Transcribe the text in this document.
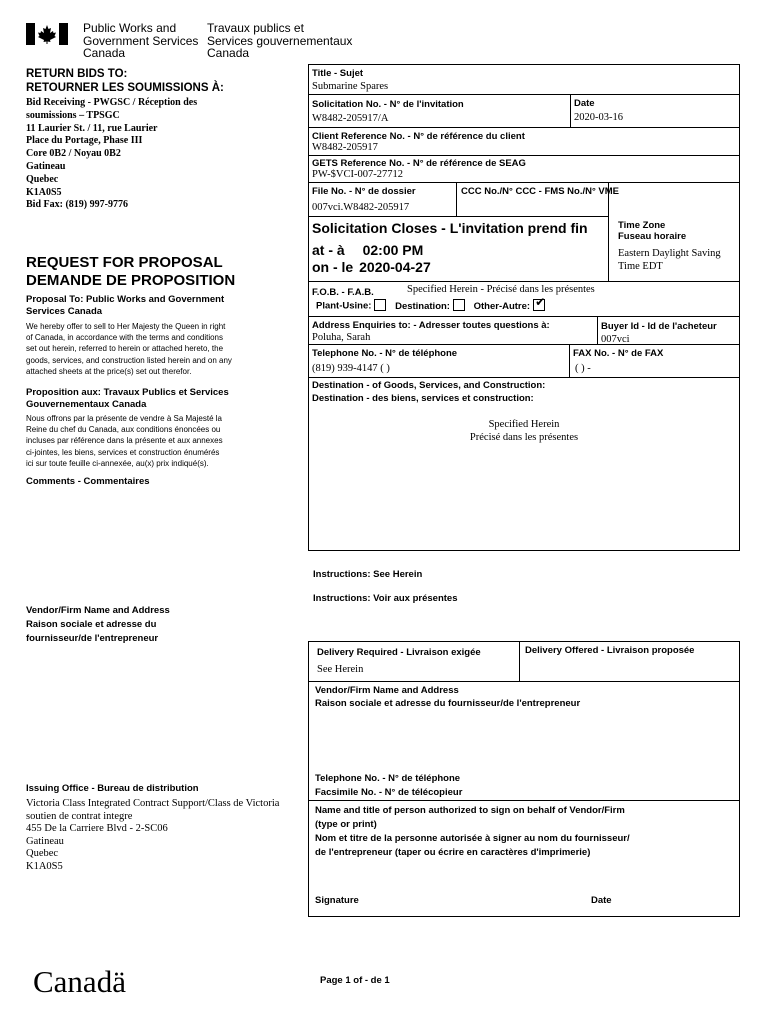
Public Works and
Government Services
Canada
Travaux publics et
Services gouvernementaux
Canada
RETURN BIDS TO:
RETOURNER LES SOUMISSIONS À:
Bid Receiving - PWGSC / Réception des
soumissions – TPSGC
11 Laurier St. / 11, rue Laurier
Place du Portage, Phase III
Core 0B2 / Noyau 0B2
Gatineau
Quebec
K1A0S5
Bid Fax: (819) 997-9776
REQUEST FOR PROPOSAL
DEMANDE DE PROPOSITION
Proposal To: Public Works and Government
Services Canada
We hereby offer to sell to Her Majesty the Queen in right
of Canada, in accordance with the terms and conditions
set out herein, referred to herein or attached hereto, the
goods, services, and construction listed herein and on any
attached sheets at the price(s) set out therefor.
Proposition aux: Travaux Publics et Services
Gouvernementaux Canada
Nous offrons par la présente de vendre à Sa Majesté la
Reine du chef du Canada, aux conditions énoncées ou
incluses par référence dans la présente et aux annexes
ci-jointes, les biens, services et construction énumérés
ici sur toute feuille ci-annexée, au(x) prix indiqué(s).
Comments - Commentaires
Vendor/Firm Name and Address
Raison sociale et adresse du
fournisseur/de l'entrepreneur
Issuing Office - Bureau de distribution
Victoria Class Integrated Contract Support/Class de Victoria
soutien de contrat integre
455 De la Carriere Blvd - 2-SC06
Gatineau
Quebec
K1A0S5
Title - Sujet
Submarine Spares
Solicitation No. - N° de l'invitation
W8482-205917/A
Date
2020-03-16
Client Reference No. - N° de référence du client
W8482-205917
GETS Reference No. - N° de référence de SEAG
PW-$VCI-007-27712
File No. - N° de dossier
007vci.W8482-205917
CCC No./N° CCC - FMS No./N° VME
Solicitation Closes - L'invitation prend fin
at - à 02:00 PM
on - le 2020-04-27
Time Zone
Fuseau horaire
Eastern Daylight Saving
Time EDT
F.O.B. - F.A.B.	Specified Herein - Précisé dans les présentes
Plant-Usine: Destination: Other-Autre: ✔
Address Enquiries to: - Adresser toutes questions à:
Poluha, Sarah
Buyer Id - Id de l'acheteur
007vci
Telephone No. - N° de téléphone
(819) 939-4147 ( )
FAX No. - N° de FAX
( ) -
Destination - of Goods, Services, and Construction:
Destination - des biens, services et construction:
Specified Herein
Précisé dans les présentes
Instructions: See Herein
Instructions: Voir aux présentes
Delivery Required - Livraison exigée
See Herein
Delivery Offered - Livraison proposée
Vendor/Firm Name and Address
Raison sociale et adresse du fournisseur/de l'entrepreneur
Telephone No. - N° de téléphone
Facsimile No. - N° de télécopieur
Name and title of person authorized to sign on behalf of Vendor/Firm
(type or print)
Nom et titre de la personne autorisée à signer au nom du fournisseur/
de l'entrepreneur (taper ou écrire en caractères d'imprimerie)
Signature	Date
Canadä	Page 1 of - de 1
